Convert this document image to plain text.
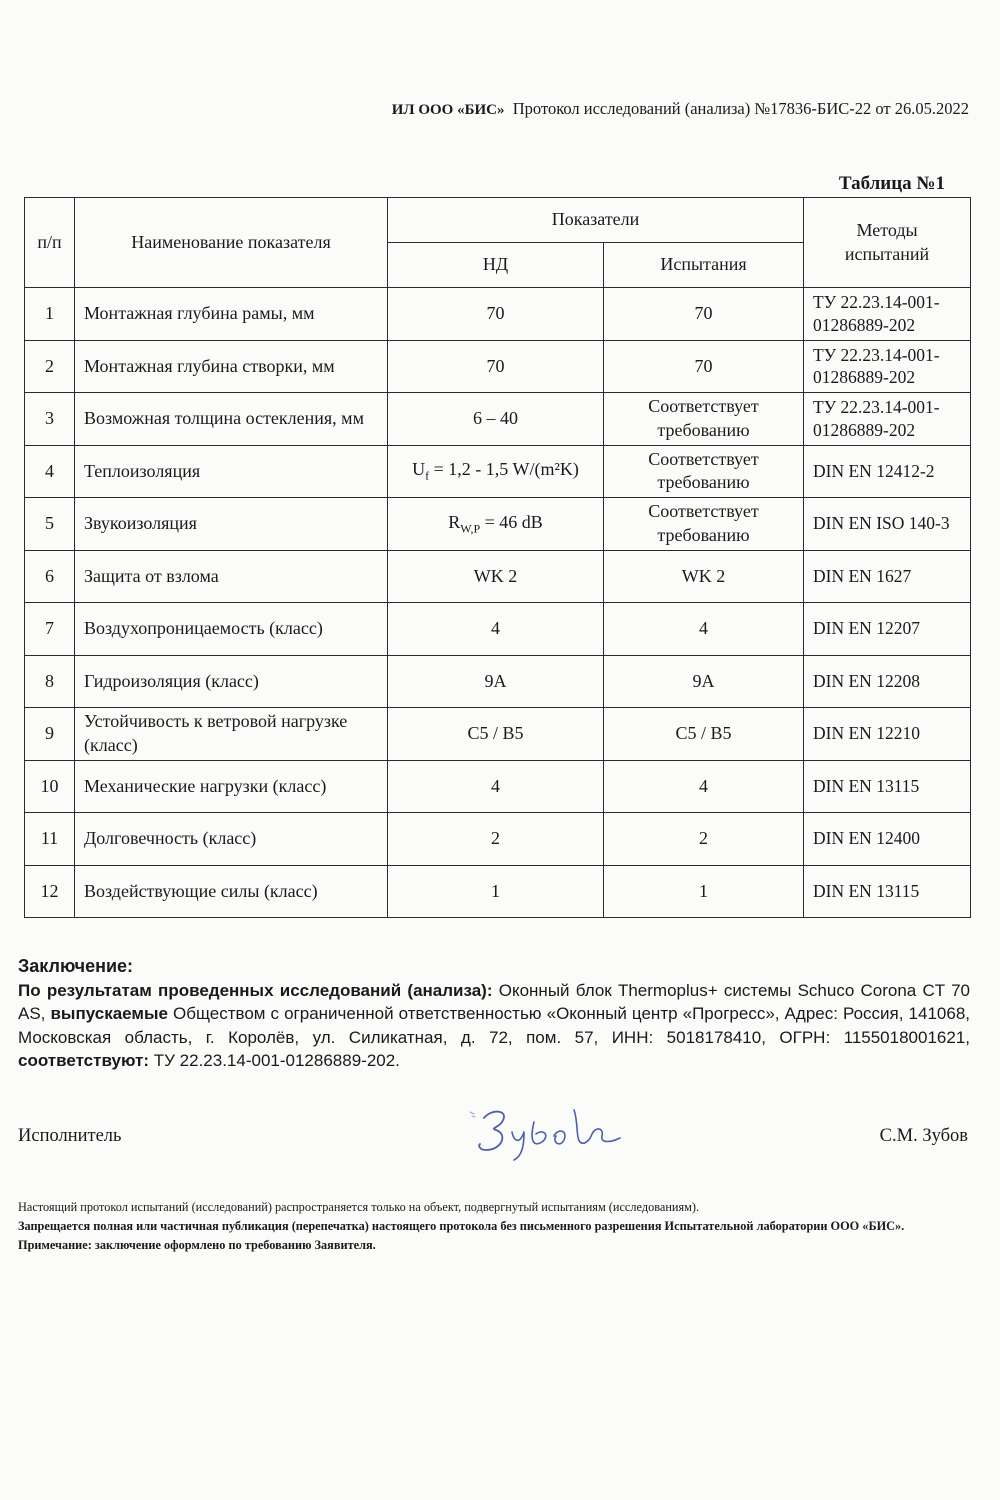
ИЛ ООО «БИС» Протокол исследований (анализа) №17836-БИС-22 от 26.05.2022
Таблица №1
п/п	Наименование показателя	Показатели		Методы испытаний
		НД	Испытания	
1	Монтажная глубина рамы, мм	70	70	ТУ 22.23.14-001-01286889-202
2	Монтажная глубина створки, мм	70	70	ТУ 22.23.14-001-01286889-202
3	Возможная толщина остекления, мм	6 – 40	Соответствует требованию	ТУ 22.23.14-001-01286889-202
4	Теплоизоляция	$U_f = 1,2 - 1,5$ W/(m²K)	Соответствует требованию	DIN EN 12412-2
5	Звукоизоляция	$R_{W,P} = 46$ dB	Соответствует требованию	DIN EN ISO 140-3
6	Защита от взлома	WK 2	WK 2	DIN EN 1627
7	Воздухопроницаемость (класс)	4	4	DIN EN 12207
8	Гидроизоляция (класс)	9A	9A	DIN EN 12208
9	Устойчивость к ветровой нагрузке (класс)	C5 / B5	C5 / B5	DIN EN 12210
10	Механические нагрузки (класс)	4	4	DIN EN 13115
11	Долговечность (класс)	2	2	DIN EN 12400
12	Воздействующие силы (класс)	1	1	DIN EN 13115
Заключение:
По результатам проведенных исследований (анализа): Оконный блок Thermoplus+ системы Schuco Corona CT 70 AS, выпускаемые Обществом с ограниченной ответственностью «Оконный центр «Прогресс», Адрес: Россия, 141068, Московская область, г. Королёв, ул. Силикатная, д. 72, пом. 57, ИНН: 5018178410, ОГРН: 1155018001621, соответствуют: ТУ 22.23.14-001-01286889-202.
Исполнитель	С.М. Зубов
Настоящий протокол испытаний (исследований) распространяется только на объект, подвергнутый испытаниям (исследованиям).
Запрещается полная или частичная публикация (перепечатка) настоящего протокола без письменного разрешения Испытательной лаборатории ООО «БИС».
Примечание: заключение оформлено по требованию Заявителя.
